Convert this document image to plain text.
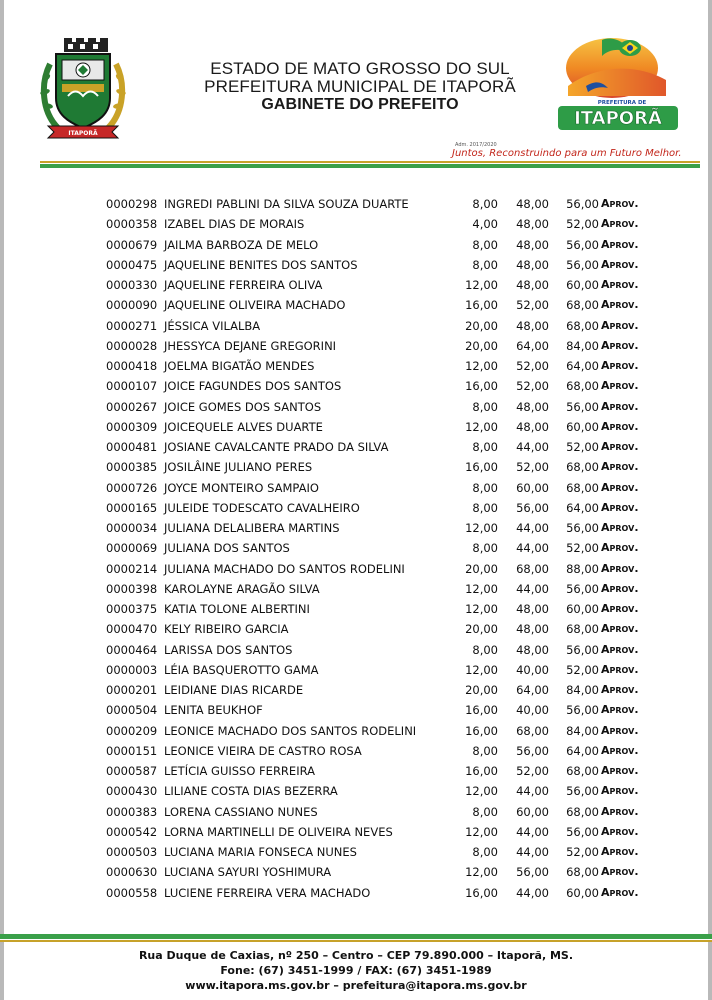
ITAPORÃ
ESTADO DE MATO GROSSO DO SUL
PREFEITURA MUNICIPAL DE ITAPORÃ
GABINETE DO PREFEITO	PREFEITURA DE
ITAPORÃ
Adm. 2017/2020
Juntos, Reconstruindo para um Futuro Melhor.
0000298 INGREDI PABLINI DA SILVA SOUZA DUARTE	8,00 48,00 56,00 Aprov.
0000358 IZABEL DIAS DE MORAIS	4,00 48,00 52,00 Aprov.
0000679 JAILMA BARBOZA DE MELO	8,00 48,00 56,00 Aprov.
0000475 JAQUELINE BENITES DOS SANTOS	8,00 48,00 56,00 Aprov.
0000330 JAQUELINE FERREIRA OLIVA	12,00 48,00 60,00 Aprov.
0000090 JAQUELINE OLIVEIRA MACHADO	16,00 52,00 68,00 Aprov.
0000271 JÉSSICA VILALBA	20,00 48,00 68,00 Aprov.
0000028 JHESSYCA DEJANE GREGORINI	20,00 64,00 84,00 Aprov.
0000418 JOELMA BIGATÃO MENDES	12,00 52,00 64,00 Aprov.
0000107 JOICE FAGUNDES DOS SANTOS	16,00 52,00 68,00 Aprov.
0000267 JOICE GOMES DOS SANTOS	8,00 48,00 56,00 Aprov.
0000309 JOICEQUELE ALVES DUARTE	12,00 48,00 60,00 Aprov.
0000481 JOSIANE CAVALCANTE PRADO DA SILVA	8,00 44,00 52,00 Aprov.
0000385 JOSILÂINE JULIANO PERES	16,00 52,00 68,00 Aprov.
0000726 JOYCE MONTEIRO SAMPAIO	8,00 60,00 68,00 Aprov.
0000165 JULEIDE TODESCATO CAVALHEIRO	8,00 56,00 64,00 Aprov.
0000034 JULIANA DELALIBERA MARTINS	12,00 44,00 56,00 Aprov.
0000069 JULIANA DOS SANTOS	8,00 44,00 52,00 Aprov.
0000214 JULIANA MACHADO DO SANTOS RODELINI	20,00 68,00 88,00 Aprov.
0000398 KAROLAYNE ARAGÃO SILVA	12,00 44,00 56,00 Aprov.
0000375 KATIA TOLONE ALBERTINI	12,00 48,00 60,00 Aprov.
0000470 KELY RIBEIRO GARCIA	20,00 48,00 68,00 Aprov.
0000464 LARISSA DOS SANTOS	8,00 48,00 56,00 Aprov.
0000003 LÉIA BASQUEROTTO GAMA	12,00 40,00 52,00 Aprov.
0000201 LEIDIANE DIAS RICARDE	20,00 64,00 84,00 Aprov.
0000504 LENITA BEUKHOF	16,00 40,00 56,00 Aprov.
0000209 LEONICE MACHADO DOS SANTOS RODELINI	16,00 68,00 84,00 Aprov.
0000151 LEONICE VIEIRA DE CASTRO ROSA	8,00 56,00 64,00 Aprov.
0000587 LETÍCIA GUISSO FERREIRA	16,00 52,00 68,00 Aprov.
0000430 LILIANE COSTA DIAS BEZERRA	12,00 44,00 56,00 Aprov.
0000383 LORENA CASSIANO NUNES	8,00 60,00 68,00 Aprov.
0000542 LORNA MARTINELLI DE OLIVEIRA NEVES	12,00 44,00 56,00 Aprov.
0000503 LUCIANA MARIA FONSECA NUNES	8,00 44,00 52,00 Aprov.
0000630 LUCIANA SAYURI YOSHIMURA	12,00 56,00 68,00 Aprov.
0000558 LUCIENE FERREIRA VERA MACHADO	16,00 44,00 60,00 Aprov.
Rua Duque de Caxias, nº 250 – Centro – CEP 79.890.000 – Itaporã, MS.
Fone: (67) 3451-1999 / FAX: (67) 3451-1989
www.itapora.ms.gov.br – prefeitura@itapora.ms.gov.br
